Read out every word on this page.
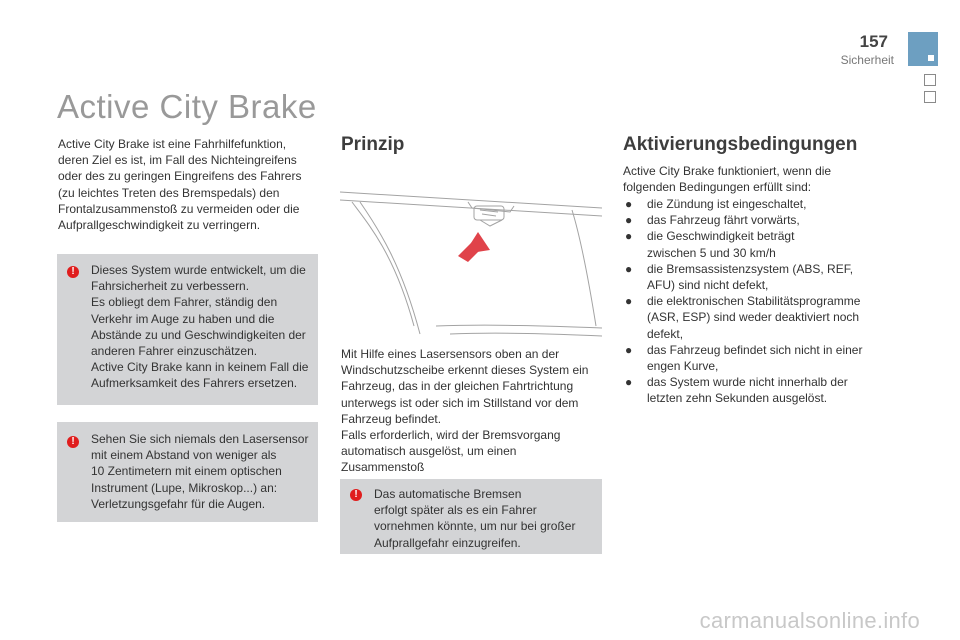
157
Sicherheit
Active City Brake

Active City Brake ist eine Fahrhilfefunktion,
deren Ziel es ist, im Fall des Nichteingreifens
oder des zu geringen Eingreifens des Fahrers
(zu leichtes Treten des Bremspedals) den
Frontalzusammenstoß zu vermeiden oder die
Aufprallgeschwindigkeit zu verringern.

!	Dieses System wurde entwickelt, um die
Fahrsicherheit zu verbessern.
Es obliegt dem Fahrer, ständig den
Verkehr im Auge zu haben und die
Abstände zu und Geschwindigkeiten der
anderen Fahrer einzuschätzen.
Active City Brake kann in keinem Fall die
Aufmerksamkeit des Fahrers ersetzen.

!	Sehen Sie sich niemals den Lasersensor
mit einem Abstand von weniger als
10 Zentimetern mit einem optischen
Instrument (Lupe, Mikroskop...) an:
Verletzungsgefahr für die Augen.

Prinzip

Mit Hilfe eines Lasersensors oben an der
Windschutzscheibe erkennt dieses System ein
Fahrzeug, das in der gleichen Fahrtrichtung
unterwegs ist oder sich im Stillstand vor dem
Fahrzeug befindet.
Falls erforderlich, wird der Bremsvorgang
automatisch ausgelöst, um einen Zusammenstoß

!	Das automatische Bremsen
erfolgt später als es ein Fahrer
vornehmen könnte, um nur bei großer
Aufprallgefahr einzugreifen.

Aktivierungsbedingungen

Active City Brake funktioniert, wenn die
folgenden Bedingungen erfüllt sind:

● die Zündung ist eingeschaltet,
● das Fahrzeug fährt vorwärts,
● die Geschwindigkeit beträgt
zwischen 5 und 30 km/h
● die Bremsassistenzsystem (ABS, REF,
AFU) sind nicht defekt,
● die elektronischen Stabilitätsprogramme
(ASR, ESP) sind weder deaktiviert noch
defekt,
● das Fahrzeug befindet sich nicht in einer
engen Kurve,
● das System wurde nicht innerhalb der
letzten zehn Sekunden ausgelöst.
carmanualsonline.info
